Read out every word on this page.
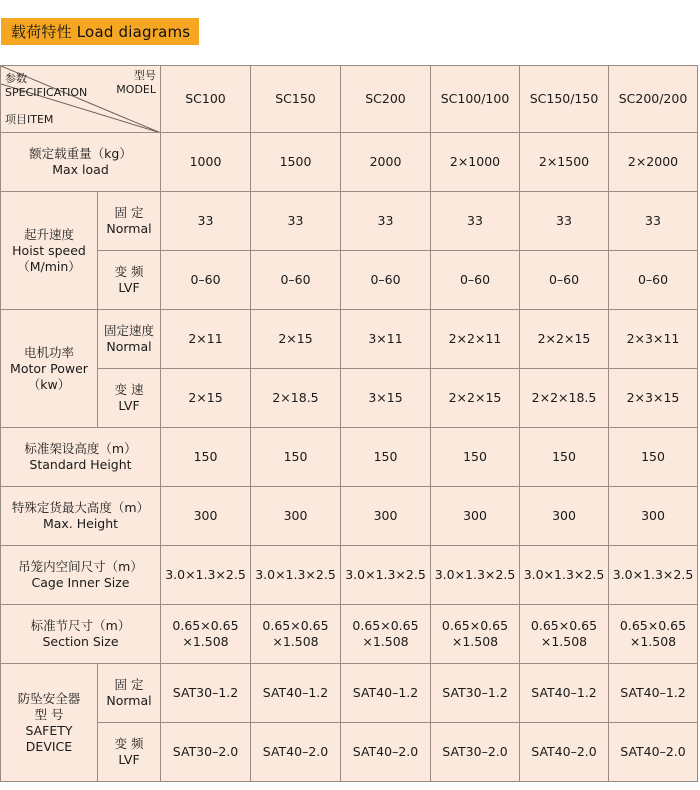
载荷特性 Load diagrams
参数
SPECIFICATION
型号
MODEL
项目ITEM		SC100	SC150	SC200	SC100/100	SC150/150	SC200/200

额定载重量（kg）
Max load		1000	1500	2000	2×1000	2×1500	2×2000

起升速度
Hoist speed
（M/min）	固 定
Normal	33	33	33	33	33	33

	变 频
LVF	0–60	0–60	0–60	0–60	0–60	0–60

电机功率
Motor Power
（kw）	固定速度
Normal	2×11	2×15	3×11	2×2×11	2×2×15	2×3×11

	变 速
LVF	2×15	2×18.5	3×15	2×2×15	2×2×18.5	2×3×15

标准架设高度（m）
Standard Height		150	150	150	150	150	150

特殊定货最大高度（m）
Max. Height		300	300	300	300	300	300

吊笼内空间尺寸（m）
Cage Inner Size		3.0×1.3×2.5	3.0×1.3×2.5	3.0×1.3×2.5	3.0×1.3×2.5	3.0×1.3×2.5	3.0×1.3×2.5

标准节尺寸（m）
Section Size		0.65×0.65
×1.508	0.65×0.65
×1.508	0.65×0.65
×1.508	0.65×0.65
×1.508	0.65×0.65
×1.508	0.65×0.65
×1.508

防坠安全器
型 号
SAFETY
DEVICE	固 定
Normal	SAT30–1.2	SAT40–1.2	SAT40–1.2	SAT30–1.2	SAT40–1.2	SAT40–1.2

	变 频
LVF	SAT30–2.0	SAT40–2.0	SAT40–2.0	SAT30–2.0	SAT40–2.0	SAT40–2.0
